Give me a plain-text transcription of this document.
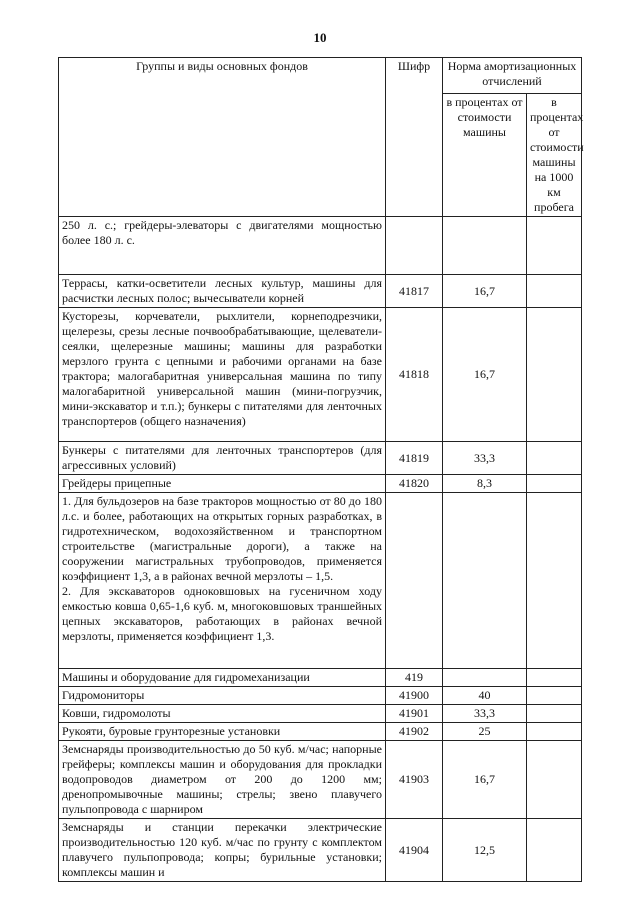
10
Группы и виды основных фондов	Шифр	Норма амортизационных отчислений	
		в процентах от стоимости машины	в процентах от стоимости машины на 1000 км пробега
250 л. с.; грейдеры-элеваторы с двигателями мощностью более 180 л. с.			
Террасы, катки-осветители лесных культур, машины для расчистки лесных полос; вычесыватели корней	41817	16,7	
Кусторезы, корчеватели, рыхлители, корнеподрезчики, щелерезы, срезы лесные почвообрабатывающие, щелеватели-сеялки, щелерезные машины; машины для разработки мерзлого грунта с цепными и рабочими органами на базе трактора; малогабаритная универсальная машина по типу малогабаритной универсальной машин (мини-погрузчик, мини-экскаватор и т.п.); бункеры с питателями для ленточных транспортеров (общего назначения)	41818	16,7	
Бункеры с питателями для ленточных транспортеров (для агрессивных условий)	41819	33,3	
Грейдеры прицепные	41820	8,3	
1. Для бульдозеров на базе тракторов мощностью от 80 до 180 л.с. и более, работающих на открытых горных разработках, в гидротехническом, водохозяйственном и транспортном строительстве (магистральные дороги), а также на сооружении магистральных трубопроводов, применяется коэффициент 1,3, а в районах вечной мерзлоты – 1,5.
2. Для экскаваторов одноковшовых на гусеничном ходу емкостью ковша 0,65-1,6 куб. м, многоковшовых траншейных цепных экскаваторов, работающих в районах вечной мерзлоты, применяется коэффициент 1,3.			
Машины и оборудование для гидромеханизации	419		
Гидромониторы	41900	40	
Ковши, гидромолоты	41901	33,3	
Рукояти, буровые грунторезные установки	41902	25	
Земснаряды производительностью до 50 куб. м/час; напорные грейферы; комплексы машин и оборудования для прокладки водопроводов диаметром от 200 до 1200 мм; дренопромывочные машины; стрелы; звено плавучего пульпопровода с шарниром	41903	16,7	
Земснаряды и станции перекачки электрические производительностью 120 куб. м/час по грунту с комплектом плавучего пульпопровода; копры; бурильные установки; комплексы машин и	41904	12,5	
